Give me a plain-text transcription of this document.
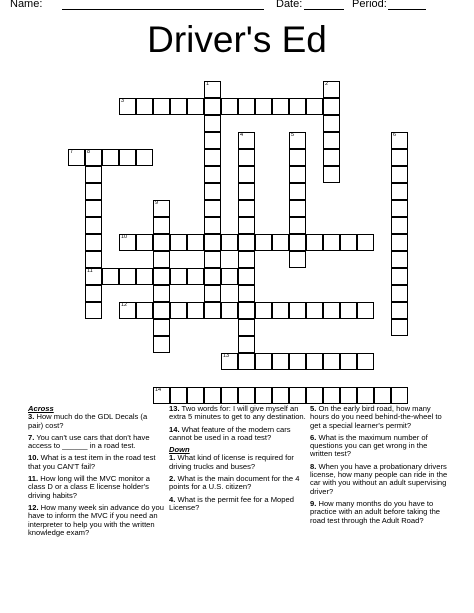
Name:	Date:	Period:
Driver's Ed
1	2
3
4	5	6
7	8
11
9
10
12
13
14
Across
3. How much do the GDL Decals (a pair) cost?
7. You can't use cars that don't have access to ______ in a road test.
10. What is a test item in the road test that you CAN'T fail?
11. How long will the MVC monitor a class D or a class E license holder's driving habits?
12. How many week sin advance do you have to inform the MVC if you need an interpreter to help you with the written knowledge exam?
13. Two words for: I will give myself an extra 5 minutes to get to any destination.
14. What feature of the modern cars cannot be used in a road test?
Down
1. What kind of license is required for driving trucks and buses?
2. What is the main document for the 4 points for a U.S. citizen?
4. What is the permit fee for a Moped License?
5. On the early bird road, how many hours do you need behind-the-wheel to get a special learner's permit?
6. What is the maximum number of questions you can get wrong in the written test?
8. When you have a probationary drivers license, how many people can ride in the car with you without an adult supervising driver?
9. How many months do you have to practice with an adult before taking the road test through the Adult Road?
